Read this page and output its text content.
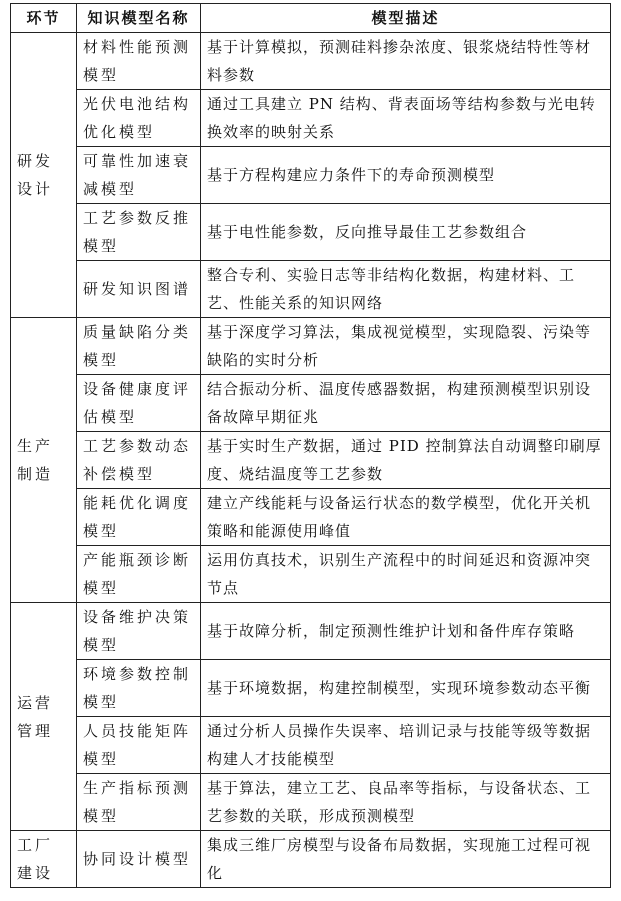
环节	知识模型名称	模型描述
研发设计	材料性能预测模型	基于计算模拟，预测硅料掺杂浓度、银浆烧结特性等材料参数
	光伏电池结构优化模型	通过工具建立 PN 结构、背表面场等结构参数与光电转换效率的映射关系
	可靠性加速衰减模型	基于方程构建应力条件下的寿命预测模型
	工艺参数反推模型	基于电性能参数，反向推导最佳工艺参数组合
	研发知识图谱	整合专利、实验日志等非结构化数据，构建材料、工艺、性能关系的知识网络
生产制造	质量缺陷分类模型	基于深度学习算法，集成视觉模型，实现隐裂、污染等缺陷的实时分析
	设备健康度评估模型	结合振动分析、温度传感器数据，构建预测模型识别设备故障早期征兆
	工艺参数动态补偿模型	基于实时生产数据，通过 PID 控制算法自动调整印刷厚度、烧结温度等工艺参数
	能耗优化调度模型	建立产线能耗与设备运行状态的数学模型，优化开关机策略和能源使用峰值
	产能瓶颈诊断模型	运用仿真技术，识别生产流程中的时间延迟和资源冲突节点
运营管理	设备维护决策模型	基于故障分析，制定预测性维护计划和备件库存策略
	环境参数控制模型	基于环境数据，构建控制模型，实现环境参数动态平衡
	人员技能矩阵模型	通过分析人员操作失误率、培训记录与技能等级等数据构建人才技能模型
	生产指标预测模型	基于算法，建立工艺、良品率等指标，与设备状态、工艺参数的关联，形成预测模型
工厂建设	协同设计模型	集成三维厂房模型与设备布局数据，实现施工过程可视化
